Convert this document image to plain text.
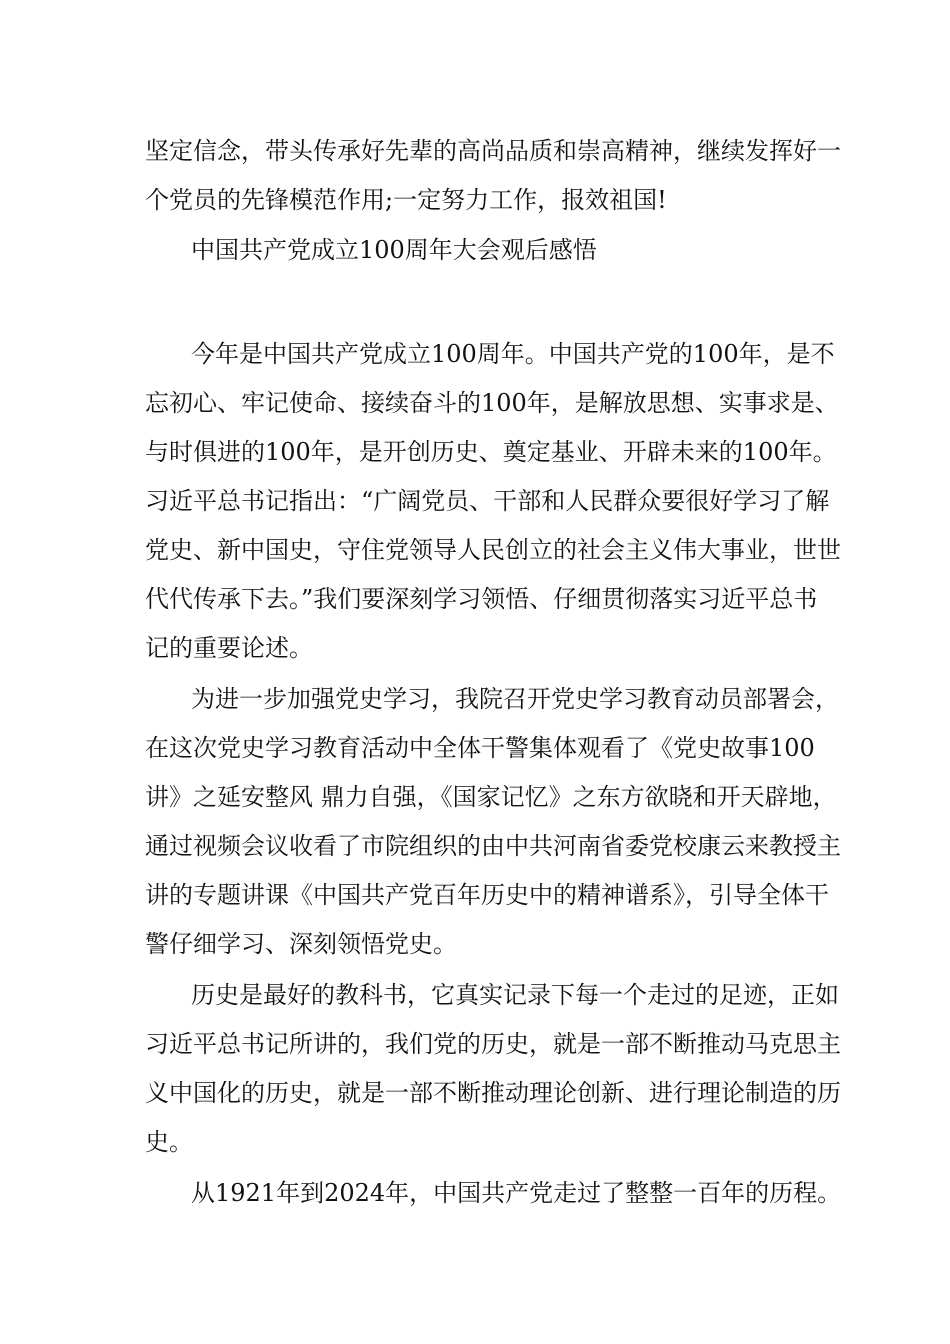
坚定信念，带头传承好先辈的高尚品质和崇高精神，继续发挥好一

个党员的先锋模范作用;一定努力工作，报效祖国!

中国共产党成立100周年大会观后感悟

今年是中国共产党成立100周年。中国共产党的100年，是不

忘初心、牢记使命、接续奋斗的100年，是解放思想、实事求是、

与时俱进的100年，是开创历史、奠定基业、开辟未来的100年。

习近平总书记指出：“广阔党员、干部和人民群众要很好学习了解

党史、新中国史，守住党领导人民创立的社会主义伟大事业，世世

代代传承下去。”我们要深刻学习领悟、仔细贯彻落实习近平总书

记的重要论述。

为进一步加强党史学习，我院召开党史学习教育动员部署会，

在这次党史学习教育活动中全体干警集体观看了《党史故事100

讲》之延安整风 鼎力自强，《国家记忆》之东方欲晓和开天辟地，

通过视频会议收看了市院组织的由中共河南省委党校康云来教授主

讲的专题讲课《中国共产党百年历史中的精神谱系》，引导全体干

警仔细学习、深刻领悟党史。

历史是最好的教科书，它真实记录下每一个走过的足迹，正如

习近平总书记所讲的，我们党的历史，就是一部不断推动马克思主

义中国化的历史，就是一部不断推动理论创新、进行理论制造的历

史。

从1921年到2024年，中国共产党走过了整整一百年的历程。
